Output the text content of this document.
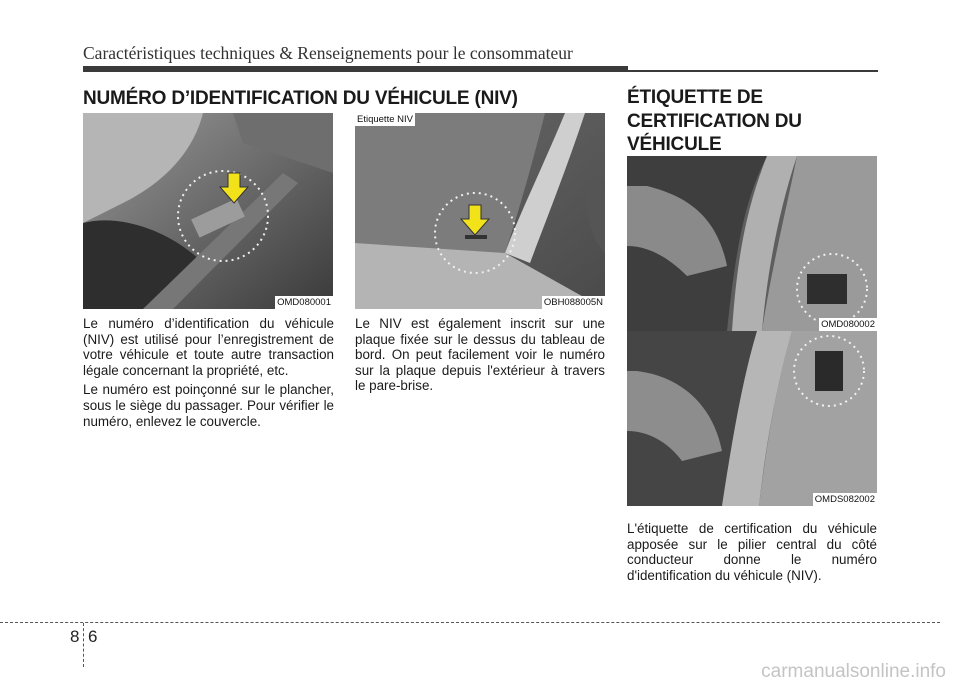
Caractéristiques techniques & Renseignements pour le consommateur
NUMÉRO D’IDENTIFICATION DU VÉHICULE (NIV)
OMD080001
Etiquette NIV
OBH088005N

Le numéro d’identification du véhicule (NIV) est utilisé pour l’enregistrement de votre véhicule et toute autre transaction légale concernant la propriété, etc.

Le numéro est poinçonné sur le plancher, sous le siège du passager. Pour vérifier le numéro, enlevez le couvercle.

Le NIV est également inscrit sur une plaque fixée sur le dessus du tableau de bord. On peut facilement voir le numéro sur la plaque depuis l'extérieur à travers le pare-brise.

ÉTIQUETTE DE
CERTIFICATION DU
VÉHICULE
OMD080002
OMDS082002

L'étiquette de certification du véhicule apposée sur le pilier central du côté conducteur donne le numéro d'identification du véhicule (NIV).

8 6
carmanualsonline.info
